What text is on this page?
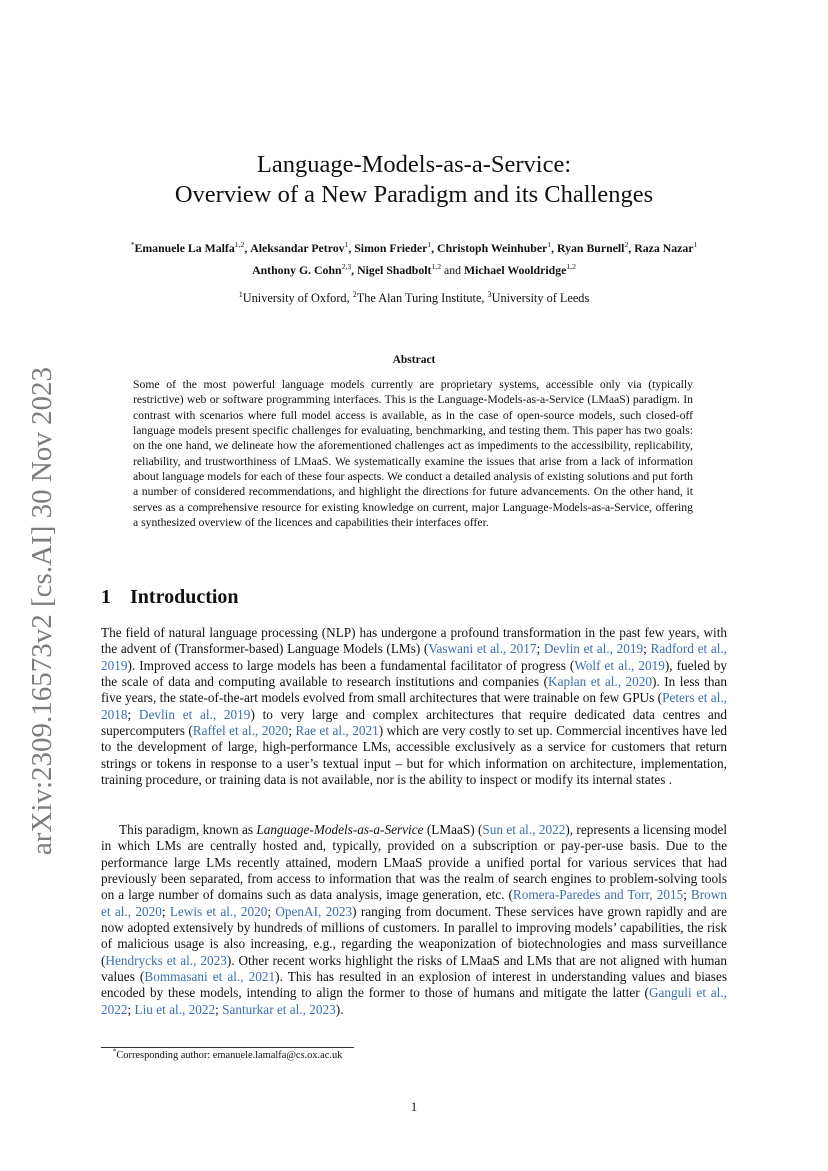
arXiv:2309.16573v2 [cs.AI] 30 Nov 2023
Language-Models-as-a-Service:
Overview of a New Paradigm and its Challenges
*Emanuele La Malfa$^{1,2}$, Aleksandar Petrov$^1$, Simon Frieder$^1$, Christoph Weinhuber$^1$, Ryan Burnell$^2$, Raza Nazar$^1$
Anthony G. Cohn$^{2,3}$, Nigel Shadbolt$^{1,2}$ and Michael Wooldridge$^{1,2}$
$^1$University of Oxford, $^2$The Alan Turing Institute, $^3$University of Leeds
Abstract
Some of the most powerful language models currently are proprietary systems, accessible only via (typically restrictive) web or software programming interfaces. This is the Language-Models-as-a-Service (LMaaS) paradigm. In contrast with scenarios where full model access is available, as in the case of open-source models, such closed-off language models present specific challenges for evaluating, benchmarking, and testing them. This paper has two goals: on the one hand, we delineate how the aforementioned challenges act as impediments to the accessibility, replicability, reliability, and trustworthiness of LMaaS. We systematically examine the issues that arise from a lack of information about language models for each of these four aspects. We conduct a detailed analysis of existing solutions and put forth a number of considered recommendations, and highlight the directions for future advancements. On the other hand, it serves as a comprehensive resource for existing knowledge on current, major Language-Models-as-a-Service, offering a synthesized overview of the licences and capabilities their interfaces offer.
1 Introduction
The field of natural language processing (NLP) has undergone a profound transformation in the past few years, with the advent of (Transformer-based) Language Models (LMs) (Vaswani et al., 2017; Devlin et al., 2019; Radford et al., 2019). Improved access to large models has been a fundamental facilitator of progress (Wolf et al., 2019), fueled by the scale of data and computing available to research institutions and companies (Kaplan et al., 2020). In less than five years, the state-of-the-art models evolved from small architectures that were trainable on few GPUs (Peters et al., 2018; Devlin et al., 2019) to very large and complex architectures that require dedicated data centres and supercomputers (Raffel et al., 2020; Rae et al., 2021) which are very costly to set up. Commercial incentives have led to the development of large, high-performance LMs, accessible exclusively as a service for customers that return strings or tokens in response to a user’s textual input – but for which information on architecture, implementation, training procedure, or training data is not available, nor is the ability to inspect or modify its internal states .
This paradigm, known as Language-Models-as-a-Service (LMaaS) (Sun et al., 2022), represents a licensing model in which LMs are centrally hosted and, typically, provided on a subscription or pay-per-use basis. Due to the performance large LMs recently attained, modern LMaaS provide a unified portal for various services that had previously been separated, from access to information that was the realm of search engines to problem-solving tools on a large number of domains such as data analysis, image generation, etc. (Romera-Paredes and Torr, 2015; Brown et al., 2020; Lewis et al., 2020; OpenAI, 2023) ranging from document. These services have grown rapidly and are now adopted extensively by hundreds of millions of customers. In parallel to improving models’ capabilities, the risk of malicious usage is also increasing, e.g., regarding the weaponization of biotechnologies and mass surveillance (Hendrycks et al., 2023). Other recent works highlight the risks of LMaaS and LMs that are not aligned with human values (Bommasani et al., 2021). This has resulted in an explosion of interest in understanding values and biases encoded by these models, intending to align the former to those of humans and mitigate the latter (Ganguli et al., 2022; Liu et al., 2022; Santurkar et al., 2023).
*Corresponding author: emanuele.lamalfa@cs.ox.ac.uk
1
